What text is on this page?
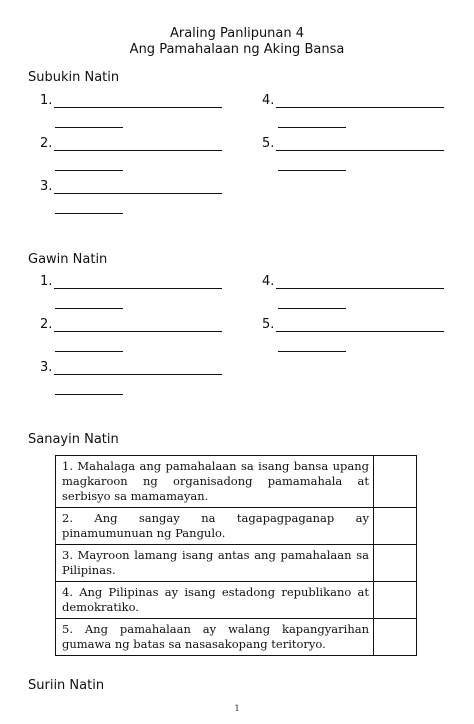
Araling Panlipunan 4
Ang Pamahalaan ng Aking Bansa
Subukin Natin
1.	4.
2.	5.
3.
Gawin Natin
1.	4.
2.	5.
3.
Sanayin Natin
1. Mahalaga ang pamahalaan sa isang bansa upang magkaroon ng organisadong pamamahala at serbisyo sa mamamayan.	
2. Ang sangay na tagapagpaganap ay pinamumunuan ng Pangulo.	
3. Mayroon lamang isang antas ang pamahalaan sa Pilipinas.	
4. Ang Pilipinas ay isang estadong republikano at demokratiko.	
5. Ang pamahalaan ay walang kapangyarihan gumawa ng batas sa nasasakopang teritoryo.	
Suriin Natin
1
